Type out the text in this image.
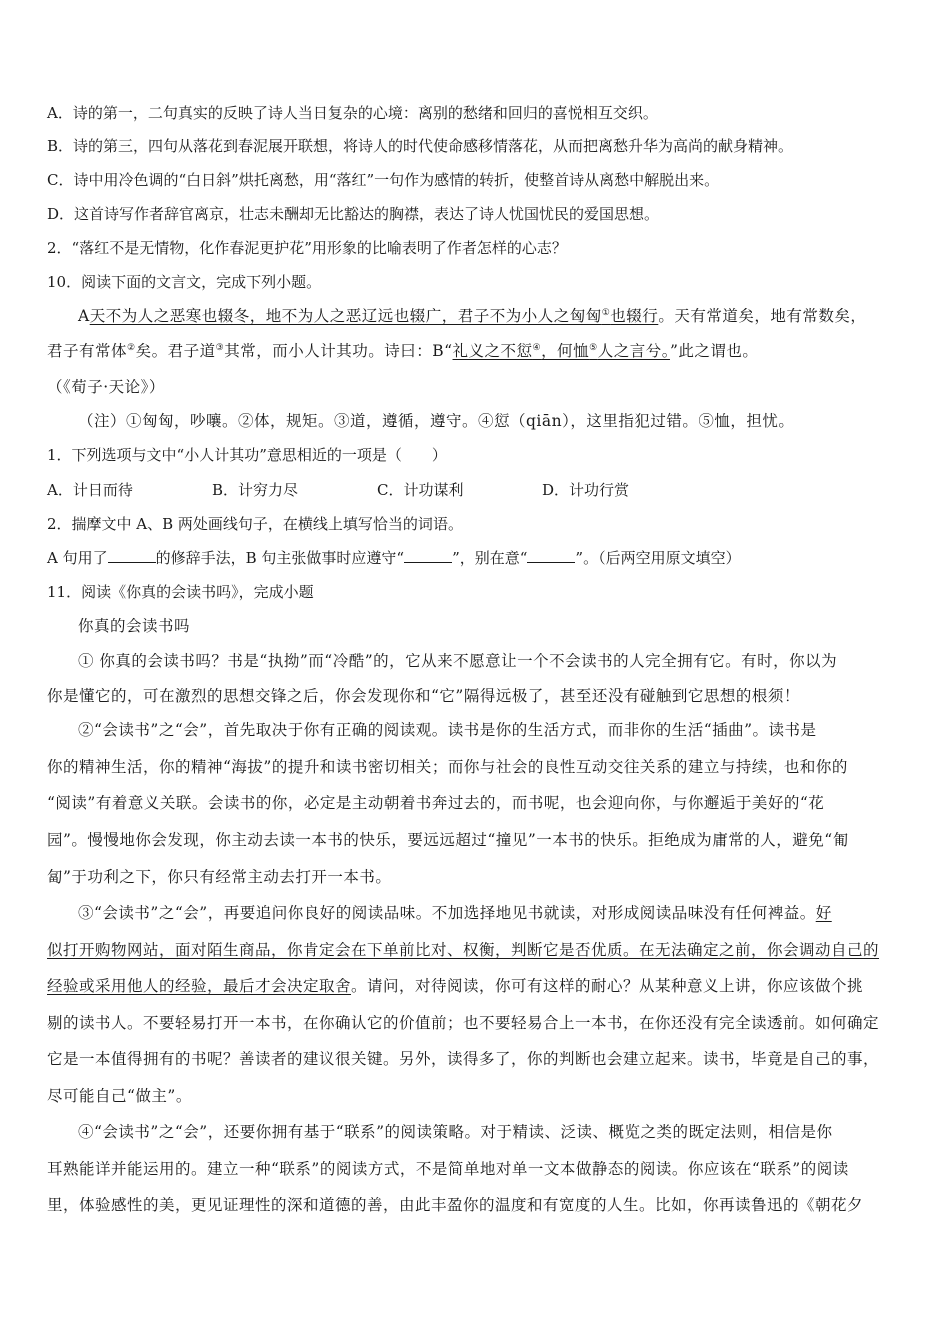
A．诗的第一，二句真实的反映了诗人当日复杂的心境：离别的愁绪和回归的喜悦相互交织。
B．诗的第三，四句从落花到春泥展开联想，将诗人的时代使命感移情落花，从而把离愁升华为高尚的献身精神。
C．诗中用冷色调的“白日斜”烘托离愁，用“落红”一句作为感情的转折，使整首诗从离愁中解脱出来。
D．这首诗写作者辞官离京，壮志未酬却无比豁达的胸襟，表达了诗人忧国忧民的爱国思想。
2．“落红不是无情物，化作春泥更护花”用形象的比喻表明了作者怎样的心志？
10．阅读下面的文言文，完成下列小题。
A天不为人之恶寒也辍冬，地不为人之恶辽远也辍广，君子不为小人之匈匈①也辍行。天有常道矣，地有常数矣，
君子有常体②矣。君子道③其常，而小人计其功。诗曰：B“礼义之不愆④，何恤⑤人之言兮。”此之谓也。
（《荀子·天论》）
（注）①匈匈，吵嚷。②体，规矩。③道，遵循，遵守。④愆（qiān），这里指犯过错。⑤恤，担忧。
1．下列选项与文中“小人计其功”意思相近的一项是（　　）
A．计日而待	B．计穷力尽	C．计功谋利	D．计功行赏
2．揣摩文中 A、B 两处画线句子，在横线上填写恰当的词语。
A 句用了	的修辞手法，B 句主张做事时应遵守“	”，别在意“	”。（后两空用原文填空）
11．阅读《你真的会读书吗》，完成小题
你真的会读书吗
① 你真的会读书吗？书是“执拗”而“冷酷”的，它从来不愿意让一个不会读书的人完全拥有它。有时，你以为
你是懂它的，可在激烈的思想交锋之后，你会发现你和“它”隔得远极了，甚至还没有碰触到它思想的根须！
②“会读书”之“会”，首先取决于你有正确的阅读观。读书是你的生活方式，而非你的生活“插曲”。读书是
你的精神生活，你的精神“海拔”的提升和读书密切相关；而你与社会的良性互动交往关系的建立与持续，也和你的
“阅读”有着意义关联。会读书的你，必定是主动朝着书奔过去的，而书呢，也会迎向你，与你邂逅于美好的“花
园”。慢慢地你会发现，你主动去读一本书的快乐，要远远超过“撞见”一本书的快乐。拒绝成为庸常的人，避免“匍
匐”于功利之下，你只有经常主动去打开一本书。
③“会读书”之“会”，再要追问你良好的阅读品味。不加选择地见书就读，对形成阅读品味没有任何裨益。好
似打开购物网站，面对陌生商品，你肯定会在下单前比对、权衡，判断它是否优质。在无法确定之前，你会调动自己的
经验或采用他人的经验，最后才会决定取舍。请问，对待阅读，你可有这样的耐心？从某种意义上讲，你应该做个挑
剔的读书人。不要轻易打开一本书，在你确认它的价值前；也不要轻易合上一本书，在你还没有完全读透前。如何确定
它是一本值得拥有的书呢？善读者的建议很关键。另外，读得多了，你的判断也会建立起来。读书，毕竟是自己的事，
尽可能自己“做主”。
④“会读书”之“会”，还要你拥有基于“联系”的阅读策略。对于精读、泛读、概览之类的既定法则，相信是你
耳熟能详并能运用的。建立一种“联系”的阅读方式，不是简单地对单一文本做静态的阅读。你应该在“联系”的阅读
里，体验感性的美，更见证理性的深和道德的善，由此丰盈你的温度和有宽度的人生。比如，你再读鲁迅的《朝花夕
